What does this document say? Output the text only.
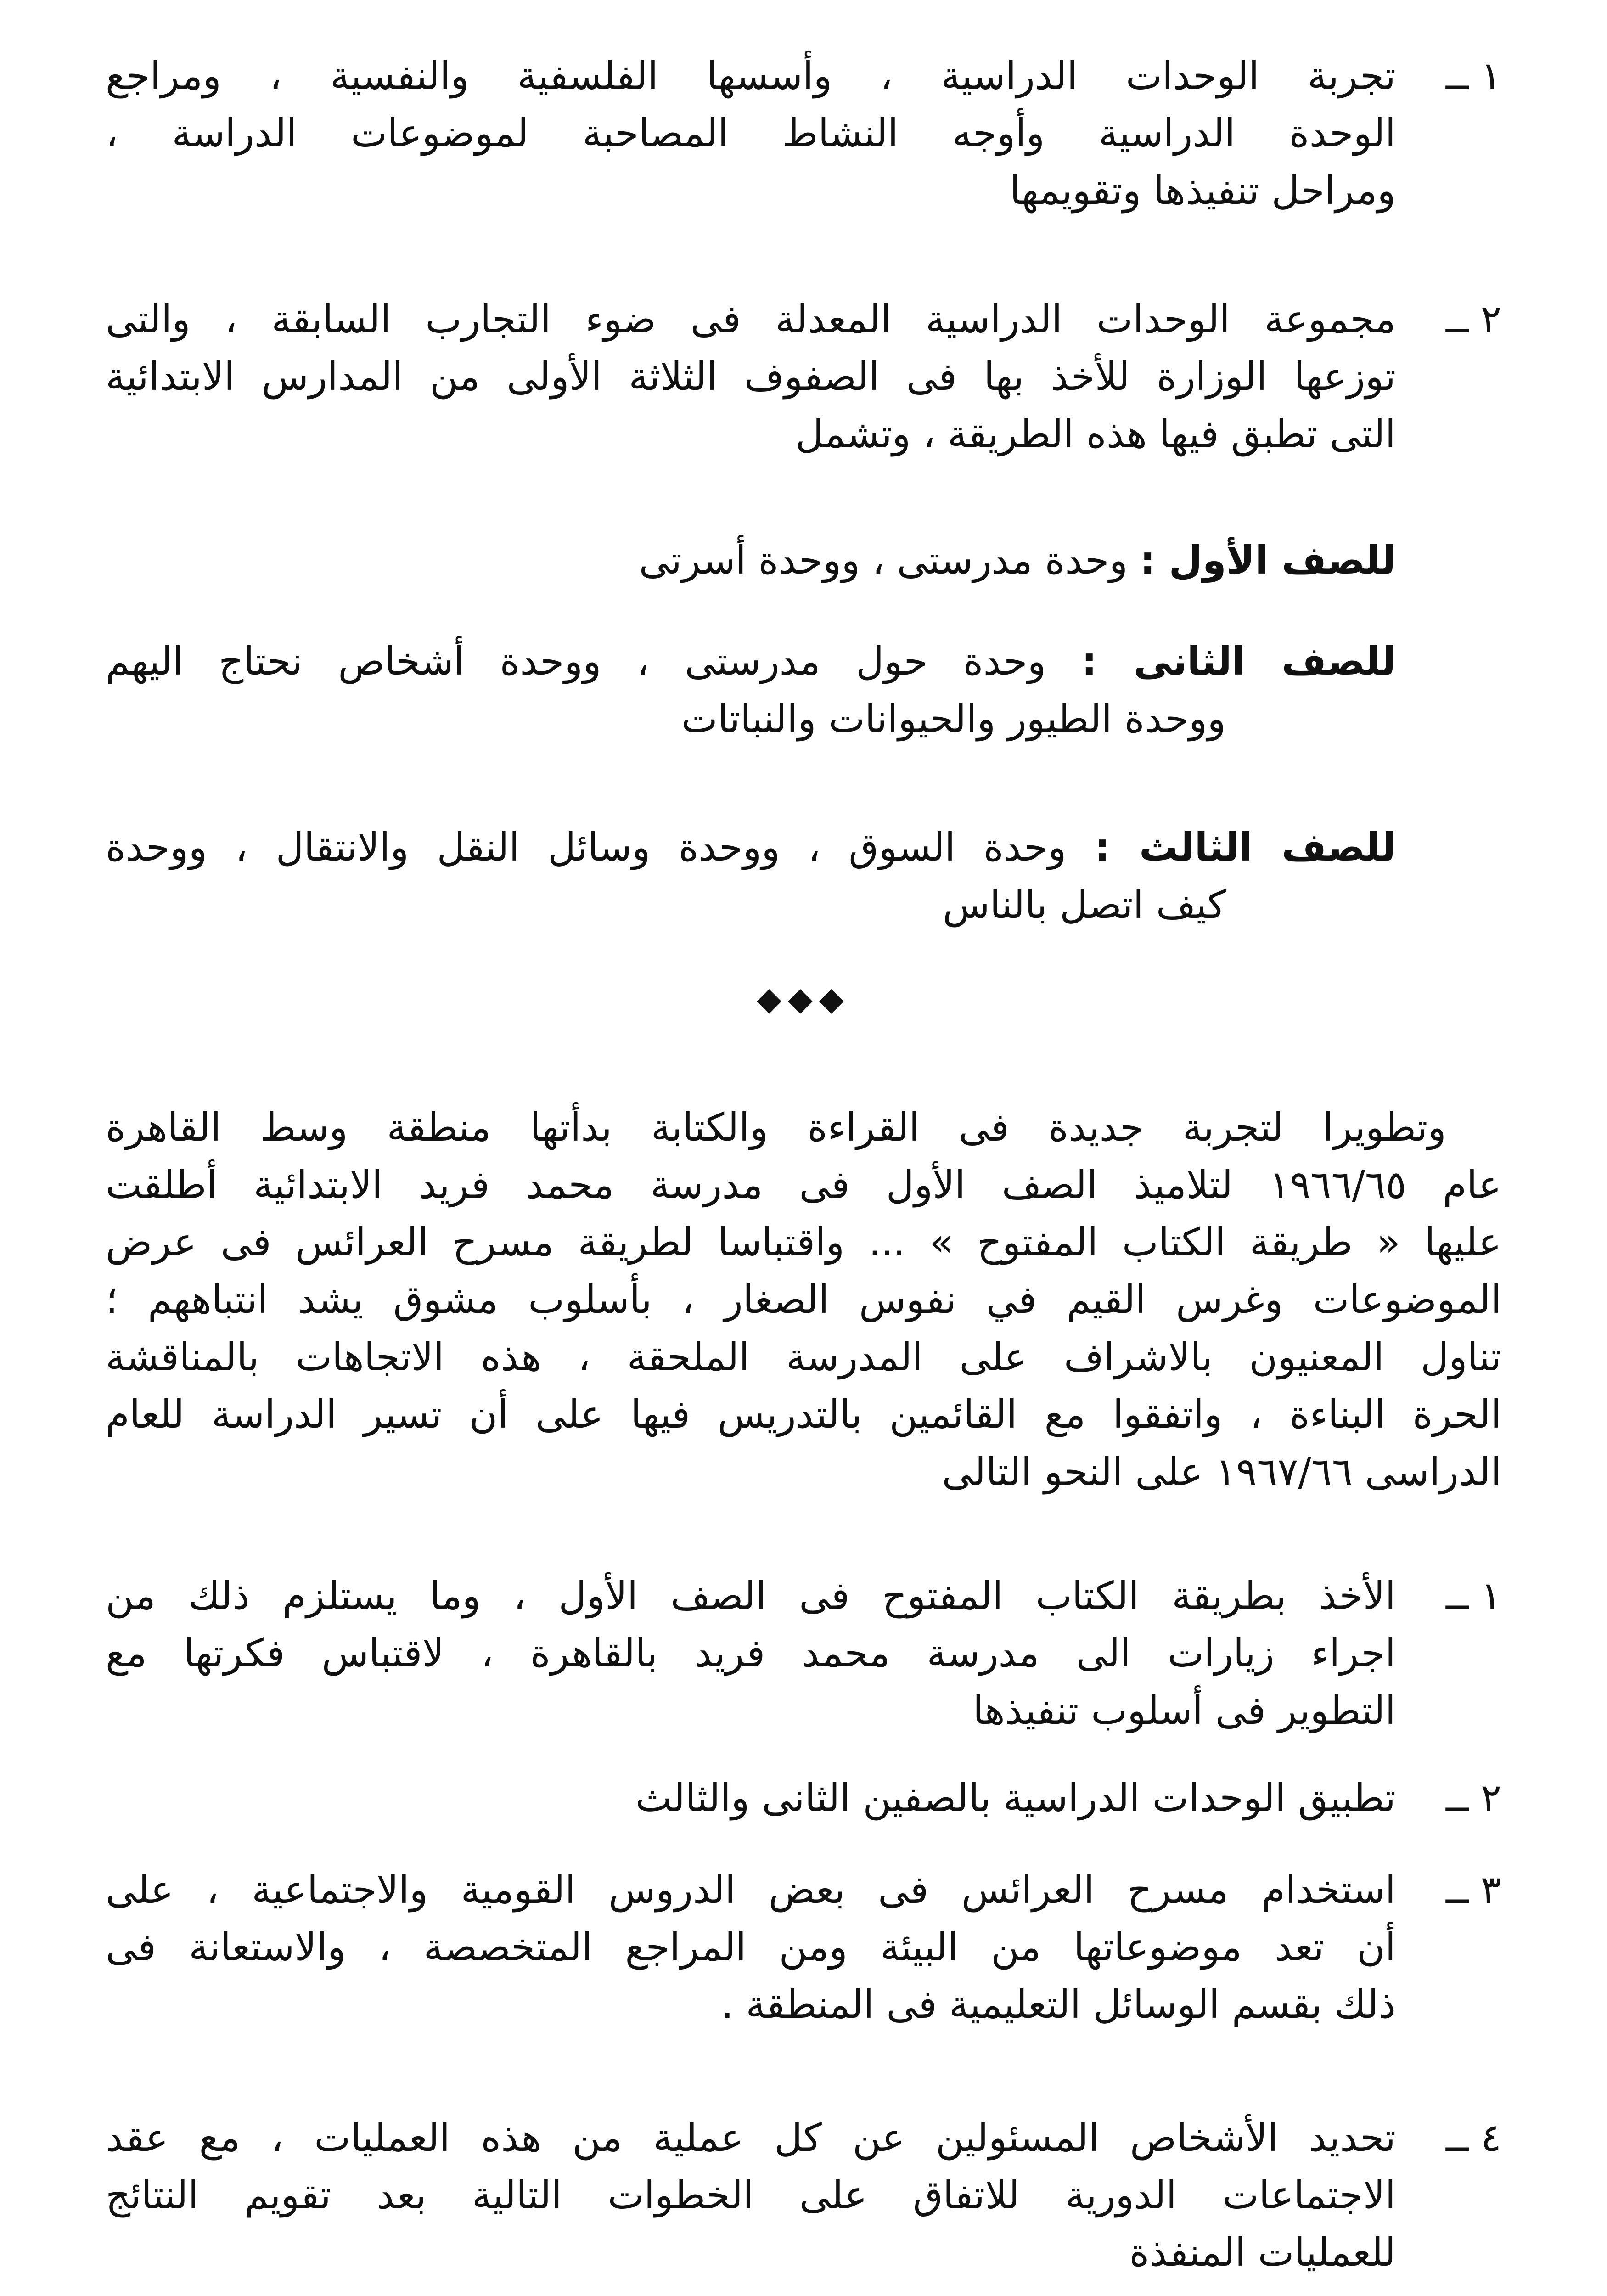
١ ــ
تجربة الوحدات الدراسية ، وأسسها الفلسفية والنفسية ، ومراجع
الوحدة الدراسية وأوجه النشاط المصاحبة لموضوعات الدراسة ،
ومراحل تنفيذها وتقويمها
٢ ــ
مجموعة الوحدات الدراسية المعدلة فى ضوء التجارب السابقة ، والتى
توزعها الوزارة للأخذ بها فى الصفوف الثلاثة الأولى من المدارس الابتدائية
التى تطبق فيها هذه الطريقة ، وتشمل
للصف الأول : وحدة مدرستى ، ووحدة أسرتى
للصف الثانى : وحدة حول مدرستى ، ووحدة أشخاص نحتاج اليهم
ووحدة الطيور والحيوانات والنباتات
للصف الثالث : وحدة السوق ، ووحدة وسائل النقل والانتقال ، ووحدة
كيف اتصل بالناس
◆◆◆
وتطويرا لتجربة جديدة فى القراءة والكتابة بدأتها منطقة وسط القاهرة
عام ١٩٦٦/٦٥ لتلاميذ الصف الأول فى مدرسة محمد فريد الابتدائية أطلقت
عليها « طريقة الكتاب المفتوح » ... واقتباسا لطريقة مسرح العرائس فى عرض
الموضوعات وغرس القيم في نفوس الصغار ، بأسلوب مشوق يشد انتباههم ؛
تناول المعنيون بالاشراف على المدرسة الملحقة ، هذه الاتجاهات بالمناقشة
الحرة البناءة ، واتفقوا مع القائمين بالتدريس فيها على أن تسير الدراسة للعام
الدراسى ١٩٦٧/٦٦ على النحو التالى
١ ــ
الأخذ بطريقة الكتاب المفتوح فى الصف الأول ، وما يستلزم ذلك من
اجراء زيارات الى مدرسة محمد فريد بالقاهرة ، لاقتباس فكرتها مع
التطوير فى أسلوب تنفيذها
٢ ــ
تطبيق الوحدات الدراسية بالصفين الثانى والثالث
٣ ــ
استخدام مسرح العرائس فى بعض الدروس القومية والاجتماعية ، على
أن تعد موضوعاتها من البيئة ومن المراجع المتخصصة ، والاستعانة فى
ذلك بقسم الوسائل التعليمية فى المنطقة .
٤ ــ
تحديد الأشخاص المسئولين عن كل عملية من هذه العمليات ، مع عقد
الاجتماعات الدورية للاتفاق على الخطوات التالية بعد تقويم النتائج
للعمليات المنفذة
